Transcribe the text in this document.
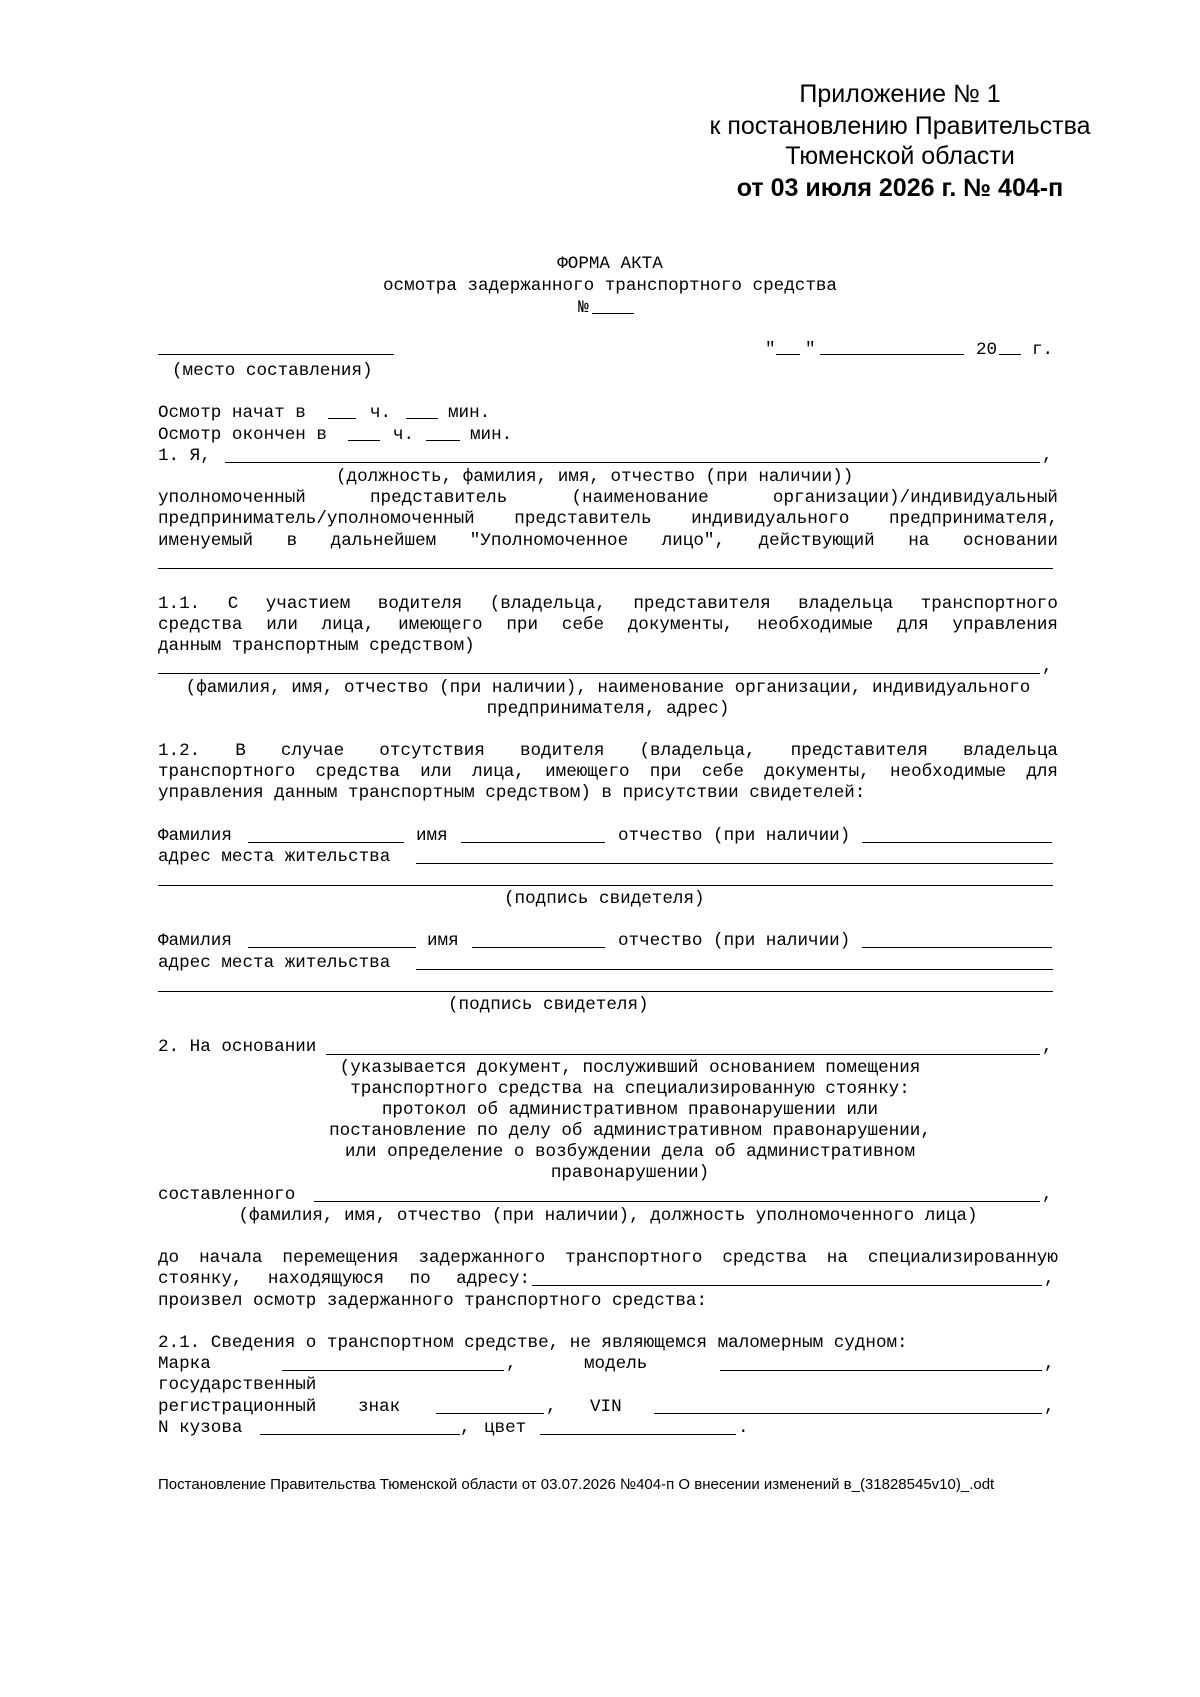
Приложение № 1
к постановлению Правительства
Тюменской области
от 03 июля 2026 г. № 404-п
ФОРМА АКТА
осмотра задержанного транспортного средства
№
" "	20 г.
(место составления)
Осмотр начат в	ч.	мин.
Осмотр окончен в	ч.	мин.
1. Я,	,
(должность, фамилия, имя, отчество (при наличии))
уполномоченный	представитель	(наименование	организации)/индивидуальный
предприниматель/уполномоченный представитель индивидуального предпринимателя,
именуемый в дальнейшем "Уполномоченное лицо", действующий на основании
1.1. С участием водителя (владельца, представителя владельца транспортного
средства или лица, имеющего при себе документы, необходимые для управления
данным транспортным средством)
,
(фамилия, имя, отчество (при наличии), наименование организации, индивидуального
предпринимателя, адрес)
1.2. В случае отсутствия водителя (владельца, представителя владельца
транспортного средства или лица, имеющего при себе документы, необходимые для
управления данным транспортным средством) в присутствии свидетелей:
Фамилия	имя	отчество (при наличии)
адрес места жительства
(подпись свидетеля)
Фамилия	имя	отчество (при наличии)
адрес места жительства
(подпись свидетеля)
2. На основании	,
(указывается документ, послуживший основанием помещения
транспортного средства на специализированную стоянку:
протокол об административном правонарушении или
постановление по делу об административном правонарушении,
или определение о возбуждении дела об административном
правонарушении)
составленного	,
(фамилия, имя, отчество (при наличии), должность уполномоченного лица)
до начала перемещения задержанного транспортного средства на специализированную
стоянку, находящуюся по адресу:	,
произвел осмотр задержанного транспортного средства:
2.1. Сведения о транспортном средстве, не являющемся маломерным судном:
Марка	,	модель	,
государственный
регистрационный знак	, VIN	,
N кузова	, цвет	.
Постановление Правительства Тюменской области от 03.07.2026 №404-п О внесении изменений в_(31828545v10)_.odt
